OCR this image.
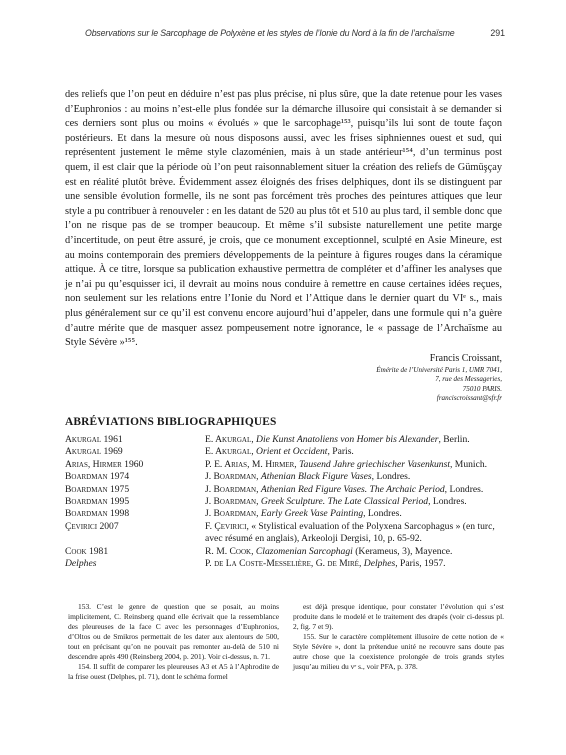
Observations sur le Sarcophage de Polyxène et les styles de l’Ionie du Nord à la fin de l’archaïsme	291

des reliefs que l’on peut en déduire n’est pas plus précise, ni plus sûre, que la date retenue pour les vases d’Euphronios : au moins n’est-elle plus fondée sur la démarche illusoire qui consistait à se demander si ces derniers sont plus ou moins « évolués » que le sarcophage¹⁵³, puisqu’ils lui sont de toute façon postérieurs. Et dans la mesure où nous disposons aussi, avec les frises siphniennes ouest et sud, qui représentent justement le même style clazoménien, mais à un stade antérieur¹⁵⁴, d’un terminus post quem, il est clair que la période où l’on peut raisonnablement situer la création des reliefs de Gümüşçay est en réalité plutôt brève. Évidemment assez éloignés des frises delphiques, dont ils se distinguent par une sensible évolution formelle, ils ne sont pas forcément très proches des peintures attiques que leur style a pu contribuer à renouveler : en les datant de 520 au plus tôt et 510 au plus tard, il semble donc que l’on ne risque pas de se tromper beaucoup. Et même s’il subsiste naturellement une petite marge d’incertitude, on peut être assuré, je crois, que ce monument exceptionnel, sculpté en Asie Mineure, est au moins contemporain des premiers développements de la peinture à figures rouges dans la céramique attique. À ce titre, lorsque sa publication exhaustive permettra de compléter et d’affiner les analyses que je n’ai pu qu’esquisser ici, il devrait au moins nous conduire à remettre en cause certaines idées reçues, non seulement sur les relations entre l’Ionie du Nord et l’Attique dans le dernier quart du VIᵉ s., mais plus généralement sur ce qu’il est convenu encore aujourd’hui d’appeler, dans une formule qui n’a guère d’autre mérite que de masquer assez pompeusement notre ignorance, le « passage de l’Archaïsme au Style Sévère »¹⁵⁵.

Francis Croissant,
Émérite de l’Université Paris 1, UMR 7041,
7, rue des Messageries,
75010 PARIS.
franciscroissant@sfr.fr
ABRÉVIATIONS BIBLIOGRAPHIQUES
Akurgal 1961	E. Akurgal, Die Kunst Anatoliens von Homer bis Alexander, Berlin.
Akurgal 1969	E. Akurgal, Orient et Occident, Paris.
Arias, Hirmer 1960	P. E. Arias, M. Hirmer, Tausend Jahre griechischer Vasenkunst, Munich.
Boardman 1974	J. Boardman, Athenian Black Figure Vases, Londres.
Boardman 1975	J. Boardman, Athenian Red Figure Vases. The Archaic Period, Londres.
Boardman 1995	J. Boardman, Greek Sculpture. The Late Classical Period, Londres.
Boardman 1998	J. Boardman, Early Greek Vase Painting, Londres.
Çevirici 2007	F. Çevirici, « Stylistical evaluation of the Polyxena Sarcophagus » (en turc, avec résumé en anglais), Arkeoloji Dergisi, 10, p. 65-92.
Cook 1981	R. M. Cook, Clazomenian Sarcophagi (Kerameus, 3), Mayence.
Delphes	P. de La Coste-Messelière, G. de Miré, Delphes, Paris, 1957.

153. C’est le genre de question que se posait, au moins implicitement, C. Reinsberg quand elle écrivait que la ressemblance des pleureuses de la face C avec les personnages d’Euphronios, d’Oltos ou de Smikros permettait de les dater aux alentours de 500, tout en précisant qu’on ne pouvait pas remonter au-delà de 510 ni descendre après 490 (Reinsberg 2004, p. 201). Voir ci-dessus, n. 71.

154. Il suffit de comparer les pleureuses A3 et A5 à l’Aphrodite de la frise ouest (Delphes, pl. 71), dont le schéma formel

est déjà presque identique, pour constater l’évolution qui s’est produite dans le modelé et le traitement des drapés (voir ci-dessus pl. 2, fig. 7 et 9).

155. Sur le caractère complètement illusoire de cette notion de « Style Sévère », dont la prétendue unité ne recouvre sans doute pas autre chose que la coexistence prolongée de trois grands styles jusqu’au milieu du vᵉ s., voir PFA, p. 378.
